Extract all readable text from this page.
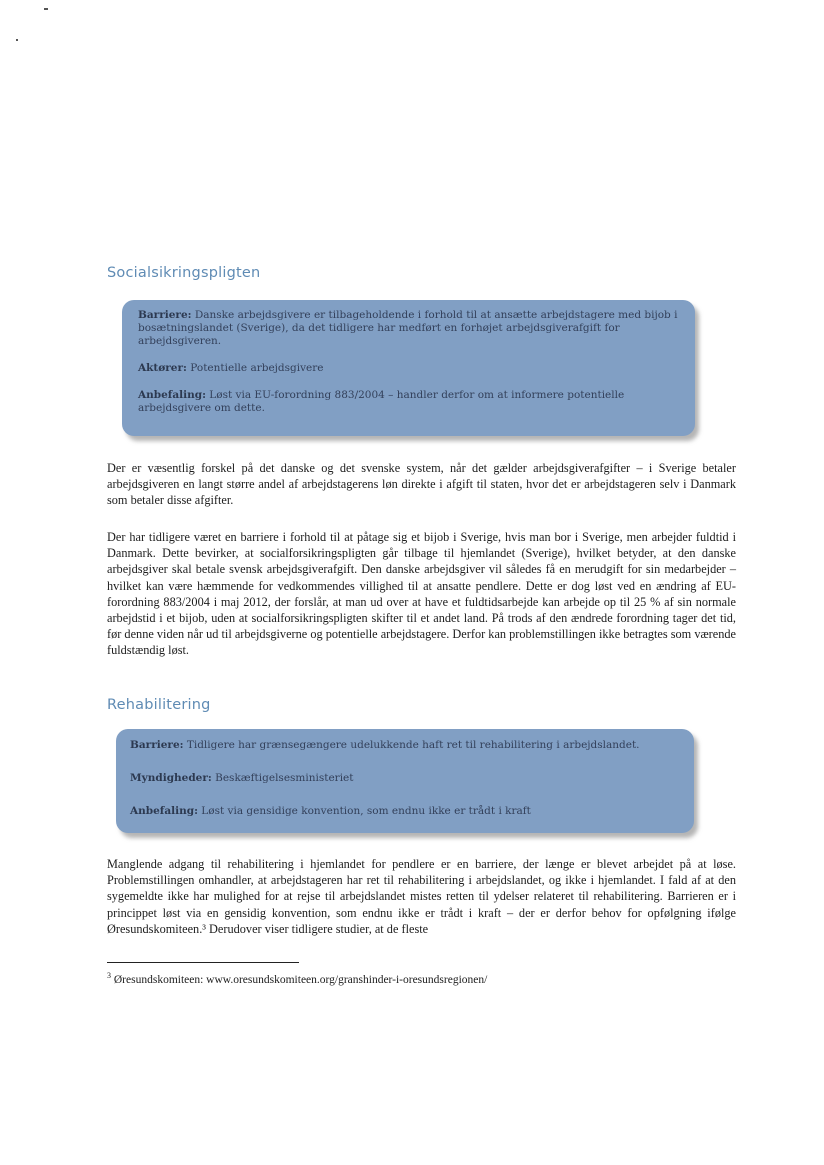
Socialsikringspligten

Barriere: Danske arbejdsgivere er tilbageholdende i forhold til at ansætte arbejdstagere med bijob i bosætningslandet (Sverige), da det tidligere har medført en forhøjet arbejdsgiverafgift for arbejdsgiveren.

Aktører: Potentielle arbejdsgivere

Anbefaling: Løst via EU-forordning 883/2004 – handler derfor om at informere potentielle arbejdsgivere om dette.

Der er væsentlig forskel på det danske og det svenske system, når det gælder arbejdsgiverafgifter – i Sverige betaler arbejdsgiveren en langt større andel af arbejdstagerens løn direkte i afgift til staten, hvor det er arbejdstageren selv i Danmark som betaler disse afgifter.

Der har tidligere været en barriere i forhold til at påtage sig et bijob i Sverige, hvis man bor i Sverige, men arbejder fuldtid i Danmark. Dette bevirker, at socialforsikringspligten går tilbage til hjemlandet (Sverige), hvilket betyder, at den danske arbejdsgiver skal betale svensk arbejdsgiverafgift. Den danske arbejdsgiver vil således få en merudgift for sin medarbejder – hvilket kan være hæmmende for vedkommendes villighed til at ansatte pendlere. Dette er dog løst ved en ændring af EU-forordning 883/2004 i maj 2012, der forslår, at man ud over at have et fuldtidsarbejde kan arbejde op til 25 % af sin normale arbejdstid i et bijob, uden at socialforsikringspligten skifter til et andet land. På trods af den ændrede forordning tager det tid, før denne viden når ud til arbejdsgiverne og potentielle arbejdstagere. Derfor kan problemstillingen ikke betragtes som værende fuldstændig løst.

Rehabilitering

Barriere: Tidligere har grænsegængere udelukkende haft ret til rehabilitering i arbejdslandet.

Myndigheder: Beskæftigelsesministeriet

Anbefaling: Løst via gensidige konvention, som endnu ikke er trådt i kraft

Manglende adgang til rehabilitering i hjemlandet for pendlere er en barriere, der længe er blevet arbejdet på at løse. Problemstillingen omhandler, at arbejdstageren har ret til rehabilitering i arbejdslandet, og ikke i hjemlandet. I fald af at den sygemeldte ikke har mulighed for at rejse til arbejdslandet mistes retten til ydelser relateret til rehabilitering. Barrieren er i princippet løst via en gensidig konvention, som endnu ikke er trådt i kraft – der er derfor behov for opfølgning ifølge Øresundskomiteen.³ Derudover viser tidligere studier, at de fleste

$^3$ Øresundskomiteen: www.oresundskomiteen.org/granshinder-i-oresundsregionen/
